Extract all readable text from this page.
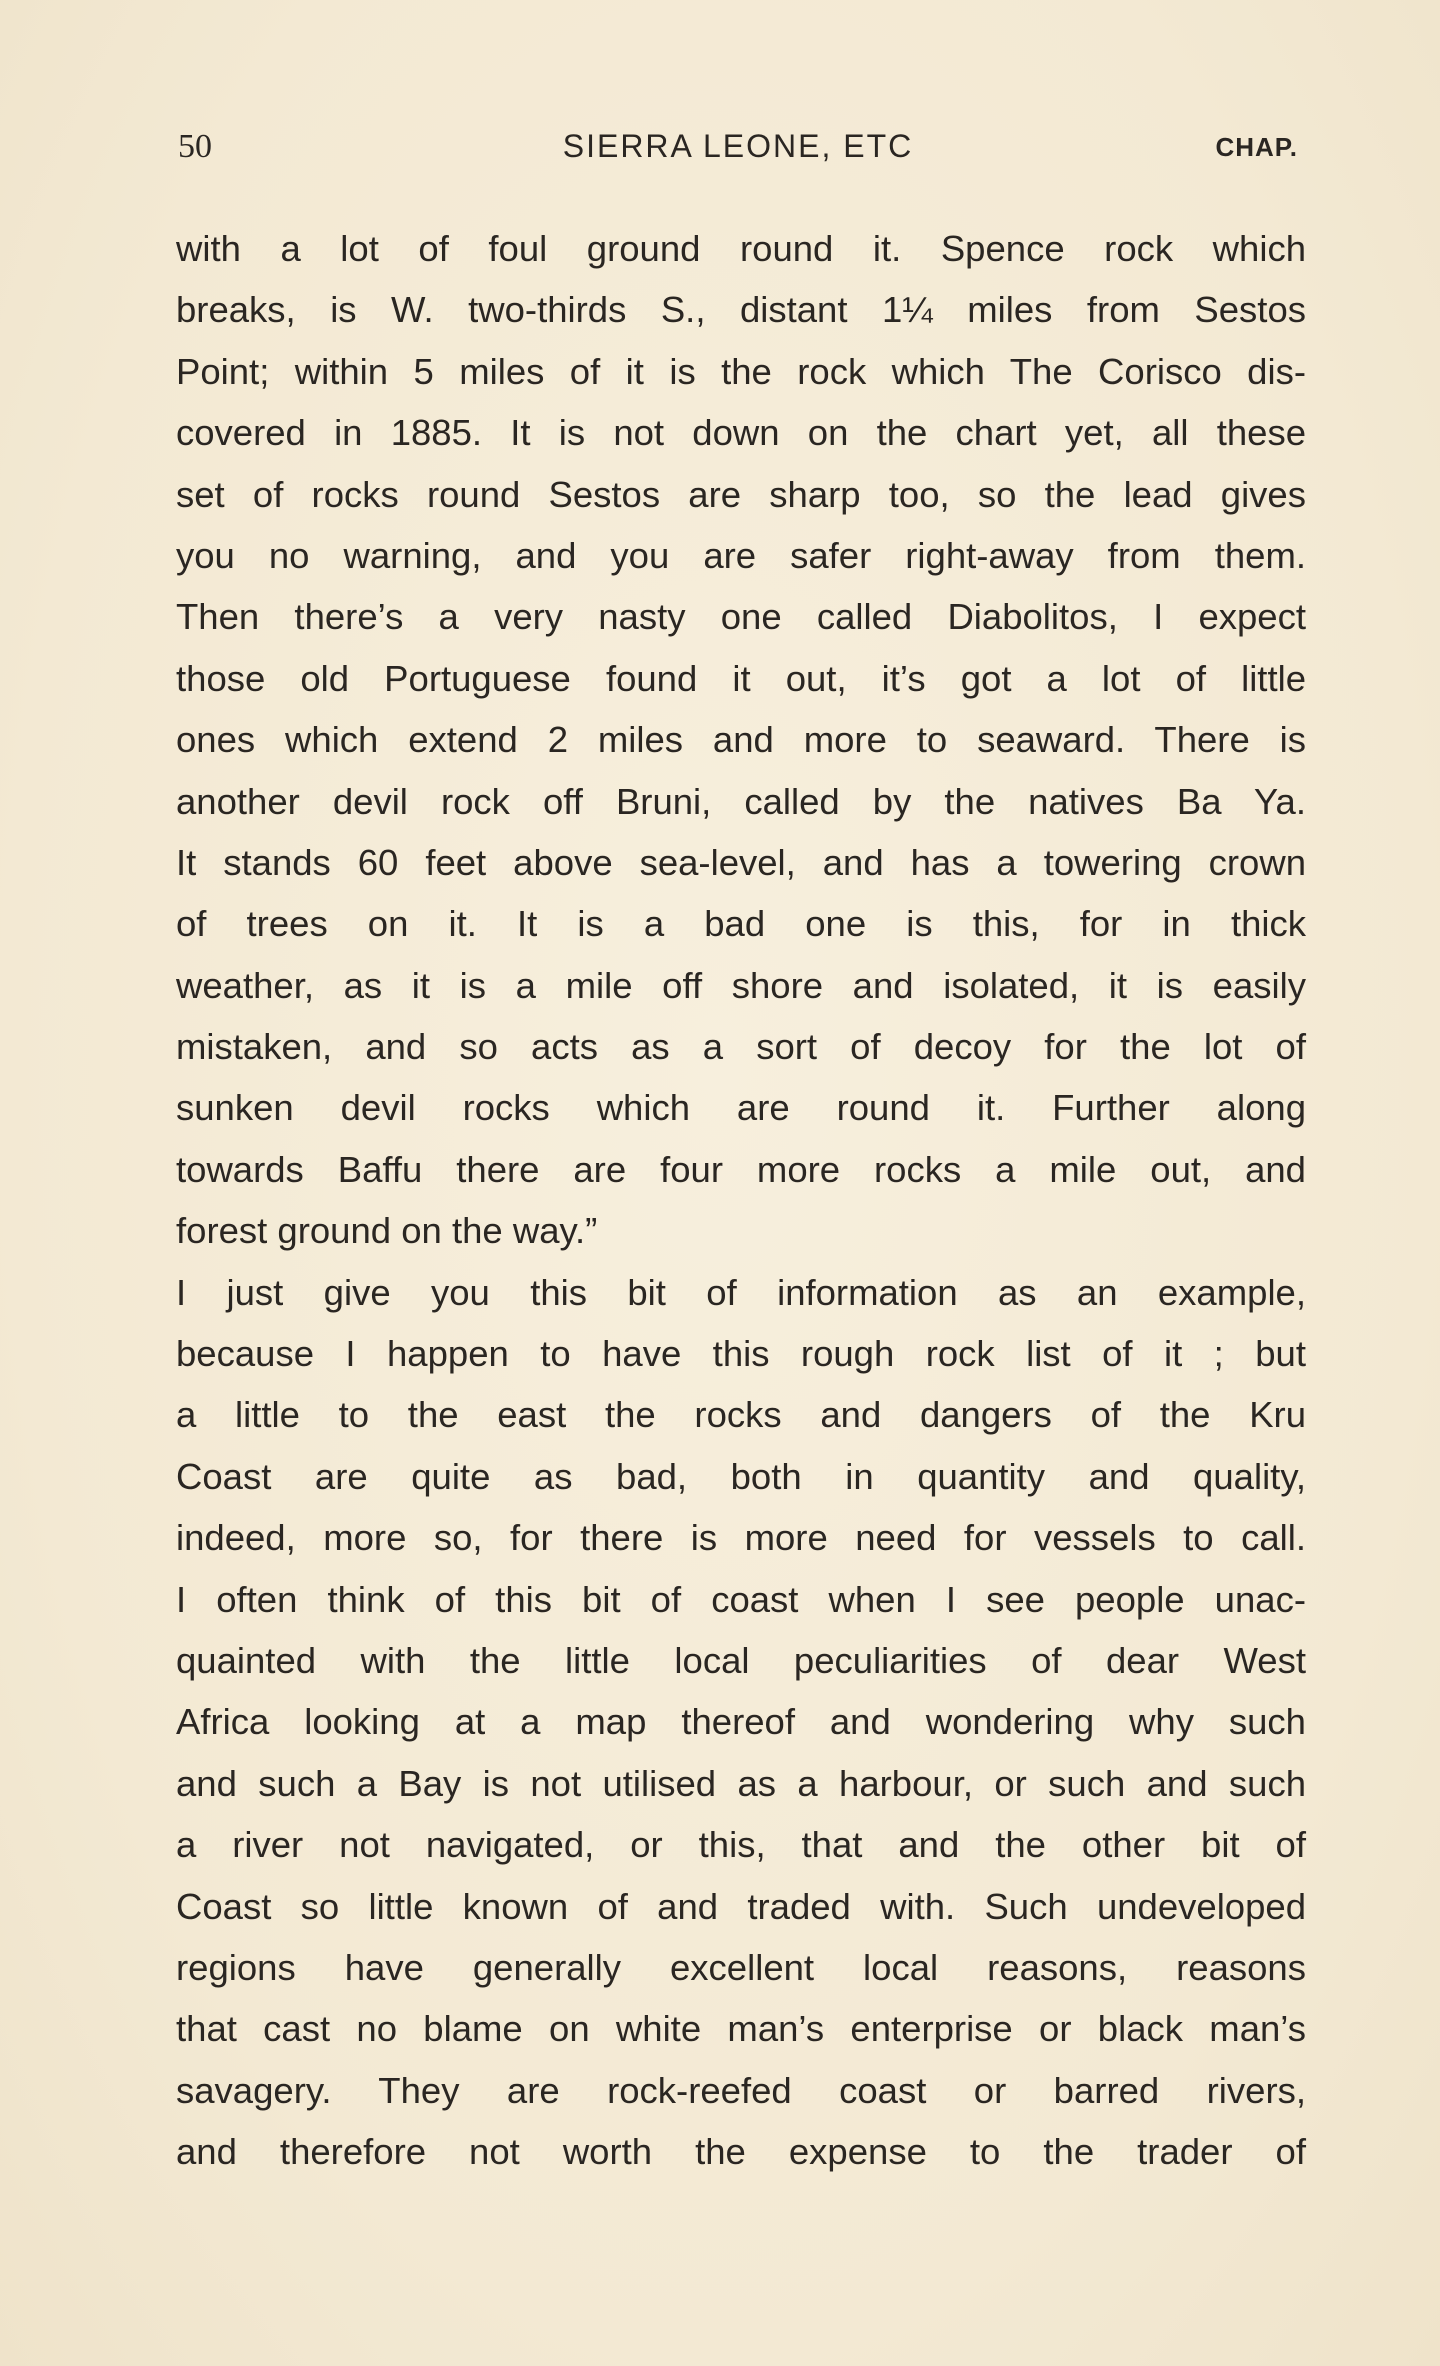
50	SIERRA LEONE, ETC	CHAP.
with a lot of foul ground round it. Spence rock which
breaks, is W. two-thirds S., distant 1¼ miles from Sestos
Point; within 5 miles of it is the rock which The Corisco dis-
covered in 1885. It is not down on the chart yet, all these
set of rocks round Sestos are sharp too, so the lead gives
you no warning, and you are safer right-away from them.
Then there’s a very nasty one called Diabolitos, I expect
those old Portuguese found it out, it’s got a lot of little
ones which extend 2 miles and more to seaward. There is
another devil rock off Bruni, called by the natives Ba Ya.
It stands 60 feet above sea-level, and has a towering crown
of trees on it. It is a bad one is this, for in thick
weather, as it is a mile off shore and isolated, it is easily
mistaken, and so acts as a sort of decoy for the lot of
sunken devil rocks which are round it. Further along
towards Baffu there are four more rocks a mile out, and
forest ground on the way.”
I just give you this bit of information as an example,
because I happen to have this rough rock list of it ; but
a little to the east the rocks and dangers of the Kru
Coast are quite as bad, both in quantity and quality,
indeed, more so, for there is more need for vessels to call.
I often think of this bit of coast when I see people unac-
quainted with the little local peculiarities of dear West
Africa looking at a map thereof and wondering why such
and such a Bay is not utilised as a harbour, or such and such
a river not navigated, or this, that and the other bit of
Coast so little known of and traded with. Such undeveloped
regions have generally excellent local reasons, reasons
that cast no blame on white man’s enterprise or black man’s
savagery. They are rock-reefed coast or barred rivers,
and therefore not worth the expense to the trader of
